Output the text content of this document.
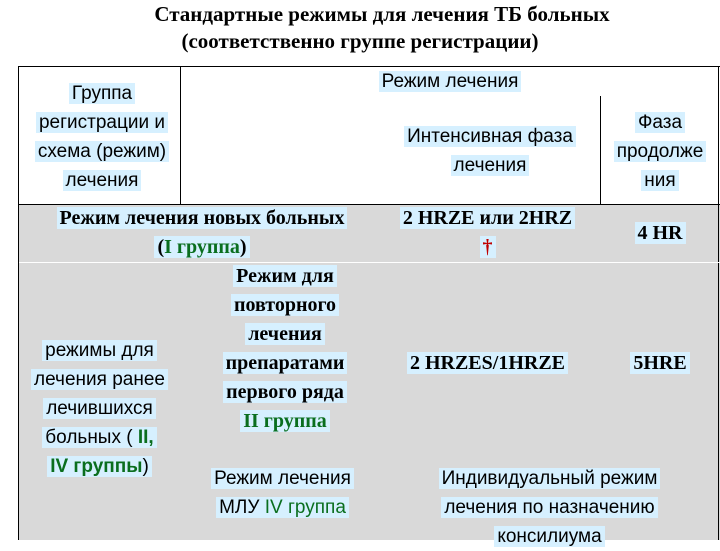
Стандартные режимы для лечения ТБ больных
(соответственно группе регистрации)
Группа
регистрации и
схема (режим)
лечения
Режим лечения
Интенсивная фаза
лечения
Фаза
продолже
ния
Режим лечения новых больных
(I группа)
2 HRZE или 2HRZ
†
4 HR
режимы для
лечения ранее
лечившихся
больных ( II,
IV группы)
Режим для
повторного
лечения
препаратами
первого ряда
II группа
2 HRZES/1HRZE	5HRE
Режим лечения
МЛУ IV группа
Индивидуальный режим
лечения по назначению
консилиума
